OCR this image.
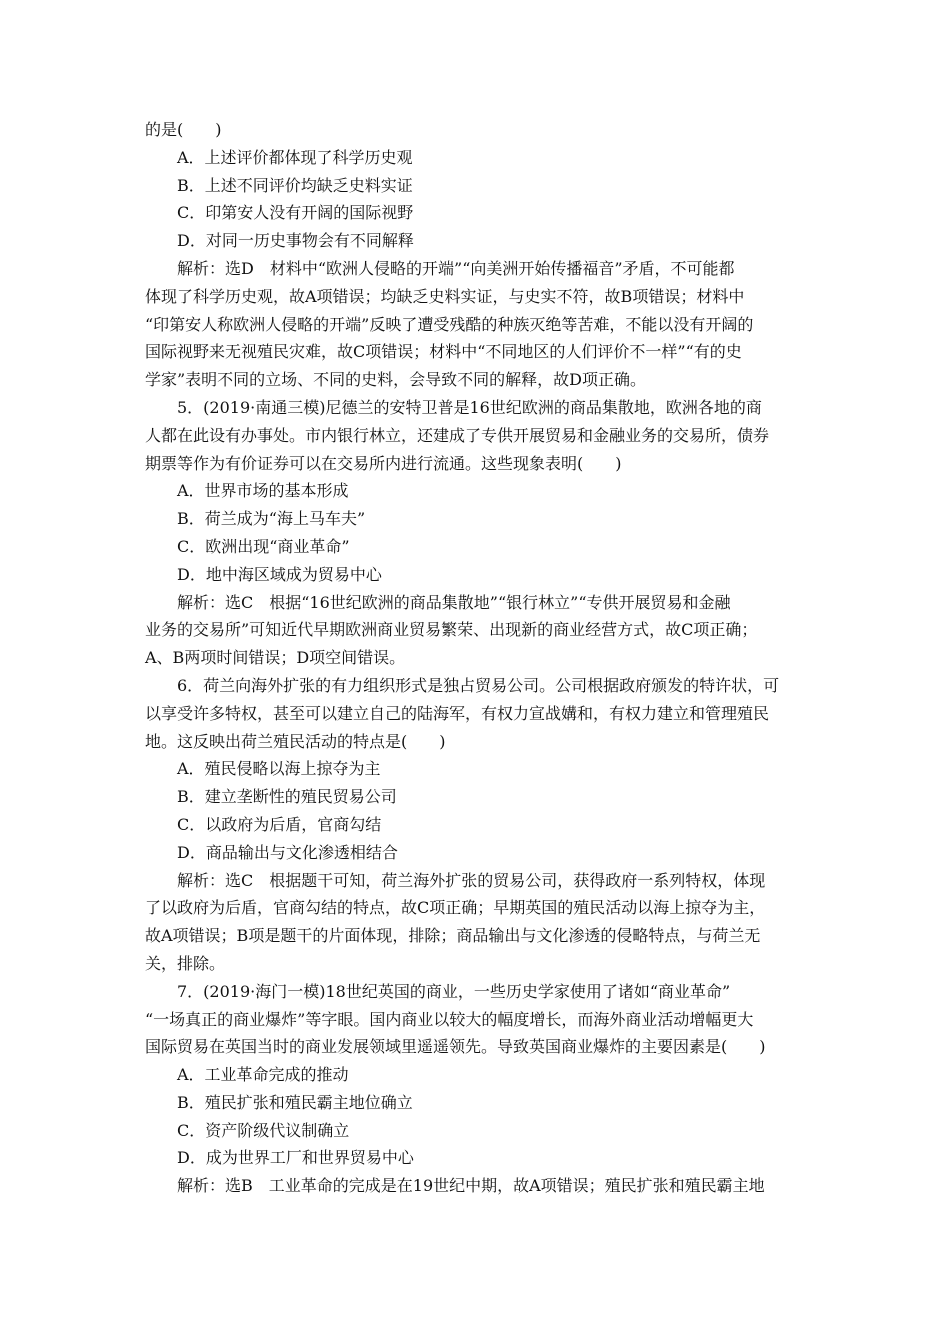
的是(　　)
A．上述评价都体现了科学历史观
B．上述不同评价均缺乏史料实证
C．印第安人没有开阔的国际视野
D．对同一历史事物会有不同解释
解析：选D　材料中“欧洲人侵略的开端”“向美洲开始传播福音”矛盾，不可能都
体现了科学历史观，故A项错误；均缺乏史料实证，与史实不符，故B项错误；材料中
“印第安人称欧洲人侵略的开端”反映了遭受残酷的种族灭绝等苦难，不能以没有开阔的
国际视野来无视殖民灾难，故C项错误；材料中“不同地区的人们评价不一样”“有的史
学家”表明不同的立场、不同的史料，会导致不同的解释，故D项正确。
5．(2019·南通三模)尼德兰的安特卫普是16世纪欧洲的商品集散地，欧洲各地的商
人都在此设有办事处。市内银行林立，还建成了专供开展贸易和金融业务的交易所，债券
期票等作为有价证券可以在交易所内进行流通。这些现象表明(　　)
A．世界市场的基本形成
B．荷兰成为“海上马车夫”
C．欧洲出现“商业革命”
D．地中海区域成为贸易中心
解析：选C　根据“16世纪欧洲的商品集散地”“银行林立”“专供开展贸易和金融
业务的交易所”可知近代早期欧洲商业贸易繁荣、出现新的商业经营方式，故C项正确；
A、B两项时间错误；D项空间错误。
6．荷兰向海外扩张的有力组织形式是独占贸易公司。公司根据政府颁发的特许状，可
以享受许多特权，甚至可以建立自己的陆海军，有权力宣战媾和，有权力建立和管理殖民
地。这反映出荷兰殖民活动的特点是(　　)
A．殖民侵略以海上掠夺为主
B．建立垄断性的殖民贸易公司
C．以政府为后盾，官商勾结
D．商品输出与文化渗透相结合
解析：选C　根据题干可知，荷兰海外扩张的贸易公司，获得政府一系列特权，体现
了以政府为后盾，官商勾结的特点，故C项正确；早期英国的殖民活动以海上掠夺为主，
故A项错误；B项是题干的片面体现，排除；商品输出与文化渗透的侵略特点，与荷兰无
关，排除。
7．(2019·海门一模)18世纪英国的商业，一些历史学家使用了诸如“商业革命”
“一场真正的商业爆炸”等字眼。国内商业以较大的幅度增长，而海外商业活动增幅更大
国际贸易在英国当时的商业发展领域里遥遥领先。导致英国商业爆炸的主要因素是(　　)
A．工业革命完成的推动
B．殖民扩张和殖民霸主地位确立
C．资产阶级代议制确立
D．成为世界工厂和世界贸易中心
解析：选B　工业革命的完成是在19世纪中期，故A项错误；殖民扩张和殖民霸主地
